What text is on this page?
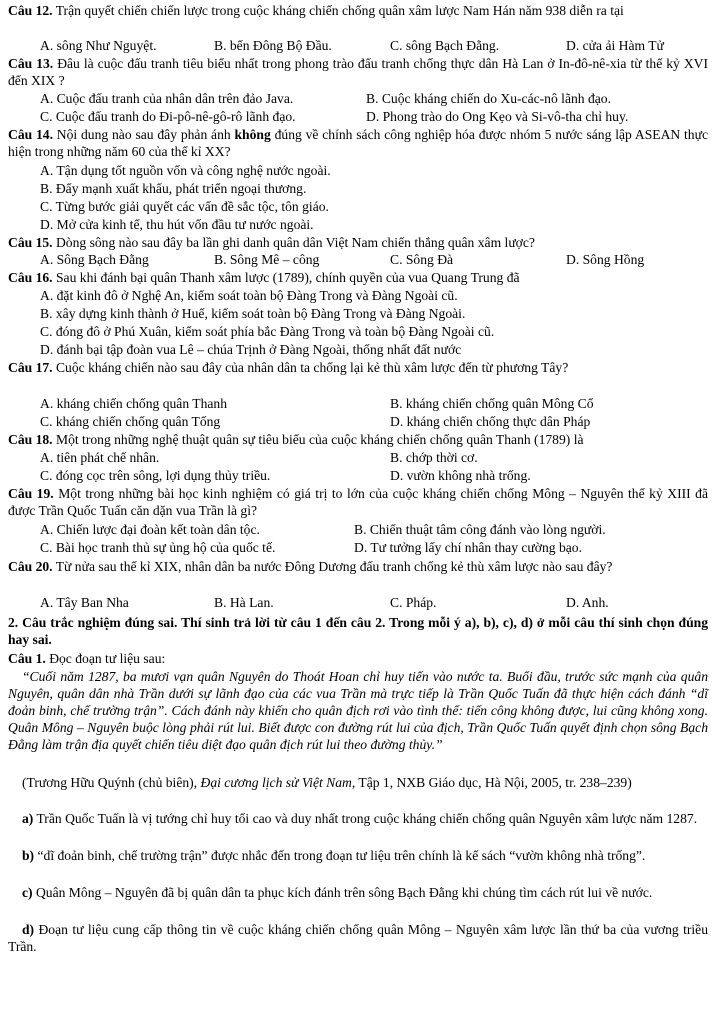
Câu 12. Trận quyết chiến chiến lược trong cuộc kháng chiến chống quân xâm lược Nam Hán năm 938 diễn ra tại
A. sông Như Nguyệt.	B. bến Đông Bộ Đầu.	C. sông Bạch Đằng.	D. cửa ải Hàm Tử
Câu 13. Đâu là cuộc đấu tranh tiêu biểu nhất trong phong trào đấu tranh chống thực dân Hà Lan ở In-đô-nê-xia từ thế kỷ XVI đến XIX ?
A. Cuộc đấu tranh của nhân dân trên đảo Java.	B. Cuộc kháng chiến do Xu-các-nô lãnh đạo.
C. Cuộc đấu tranh do Đi-pô-nê-gô-rô lãnh đạo.	D. Phong trào do Ong Kẹo và Si-vô-tha chỉ huy.
Câu 14. Nội dung nào sau đây phản ánh không đúng về chính sách công nghiệp hóa được nhóm 5 nước sáng lập ASEAN thực hiện trong những năm 60 của thế kỉ XX?
A. Tận dụng tốt nguồn vốn và công nghệ nước ngoài.
B. Đẩy mạnh xuất khẩu, phát triển ngoại thương.
C. Từng bước giải quyết các vấn đề sắc tộc, tôn giáo.
D. Mở cửa kinh tế, thu hút vốn đầu tư nước ngoài.
Câu 15. Dòng sông nào sau đây ba lần ghi danh quân dân Việt Nam chiến thắng quân xâm lược?
A. Sông Bạch Đằng	B. Sông Mê – công	C. Sông Đà	D. Sông Hồng
Câu 16. Sau khi đánh bại quân Thanh xâm lược (1789), chính quyền của vua Quang Trung đã
A. đặt kinh đô ở Nghệ An, kiểm soát toàn bộ Đàng Trong và Đàng Ngoài cũ.
B. xây dựng kinh thành ở Huế, kiểm soát toàn bộ Đàng Trong và Đàng Ngoài.
C. đóng đô ở Phú Xuân, kiểm soát phía bắc Đàng Trong và toàn bộ Đàng Ngoài cũ.
D. đánh bại tập đoàn vua Lê – chúa Trịnh ở Đàng Ngoài, thống nhất đất nước
Câu 17. Cuộc kháng chiến nào sau đây của nhân dân ta chống lại kẻ thù xâm lược đến từ phương Tây?
A. kháng chiến chống quân Thanh	B. kháng chiến chống quân Mông Cổ
C. kháng chiến chống quân Tống	D. kháng chiến chống thực dân Pháp
Câu 18. Một trong những nghệ thuật quân sự tiêu biểu của cuộc kháng chiến chống quân Thanh (1789) là
A. tiên phát chế nhân.	B. chớp thời cơ.
C. đóng cọc trên sông, lợi dụng thủy triều.	D. vườn không nhà trống.
Câu 19. Một trong những bài học kinh nghiệm có giá trị to lớn của cuộc kháng chiến chống Mông – Nguyên thế kỷ XIII đã được Trần Quốc Tuấn căn dặn vua Trần là gì?
A. Chiến lược đại đoàn kết toàn dân tộc.	B. Chiến thuật tâm công đánh vào lòng người.
C. Bài học tranh thủ sự ủng hộ của quốc tế.	D. Tư tưởng lấy chí nhân thay cường bạo.
Câu 20. Từ nửa sau thế kỉ XIX, nhân dân ba nước Đông Dương đấu tranh chống kẻ thù xâm lược nào sau đây?
A. Tây Ban Nha	B. Hà Lan.	C. Pháp.	D. Anh.
2. Câu trắc nghiệm đúng sai. Thí sinh trả lời từ câu 1 đến câu 2. Trong mỗi ý a), b), c), d) ở mỗi câu thí sinh chọn đúng hay sai.
Câu 1. Đọc đoạn tư liệu sau:
“Cuối năm 1287, ba mươi vạn quân Nguyên do Thoát Hoan chỉ huy tiến vào nước ta. Buổi đầu, trước sức mạnh của quân Nguyên, quân dân nhà Trần dưới sự lãnh đạo của các vua Trần mà trực tiếp là Trần Quốc Tuấn đã thực hiện cách đánh “dĩ đoản binh, chế trường trận”. Cách đánh này khiến cho quân địch rơi vào tình thế: tiến công không được, lui cũng không xong. Quân Mông – Nguyên buộc lòng phải rút lui. Biết được con đường rút lui của địch, Trần Quốc Tuấn quyết định chọn sông Bạch Đằng làm trận địa quyết chiến tiêu diệt đạo quân địch rút lui theo đường thủy.”
(Trương Hữu Quýnh (chủ biên), Đại cương lịch sử Việt Nam, Tập 1, NXB Giáo dục, Hà Nội, 2005, tr. 238–239)
a) Trần Quốc Tuấn là vị tướng chỉ huy tối cao và duy nhất trong cuộc kháng chiến chống quân Nguyên xâm lược năm 1287.
b) “dĩ đoản binh, chế trường trận” được nhắc đến trong đoạn tư liệu trên chính là kế sách “vườn không nhà trống”.
c) Quân Mông – Nguyên đã bị quân dân ta phục kích đánh trên sông Bạch Đằng khi chúng tìm cách rút lui về nước.
d) Đoạn tư liệu cung cấp thông tin về cuộc kháng chiến chống quân Mông – Nguyên xâm lược lần thứ ba của vương triều Trần.
